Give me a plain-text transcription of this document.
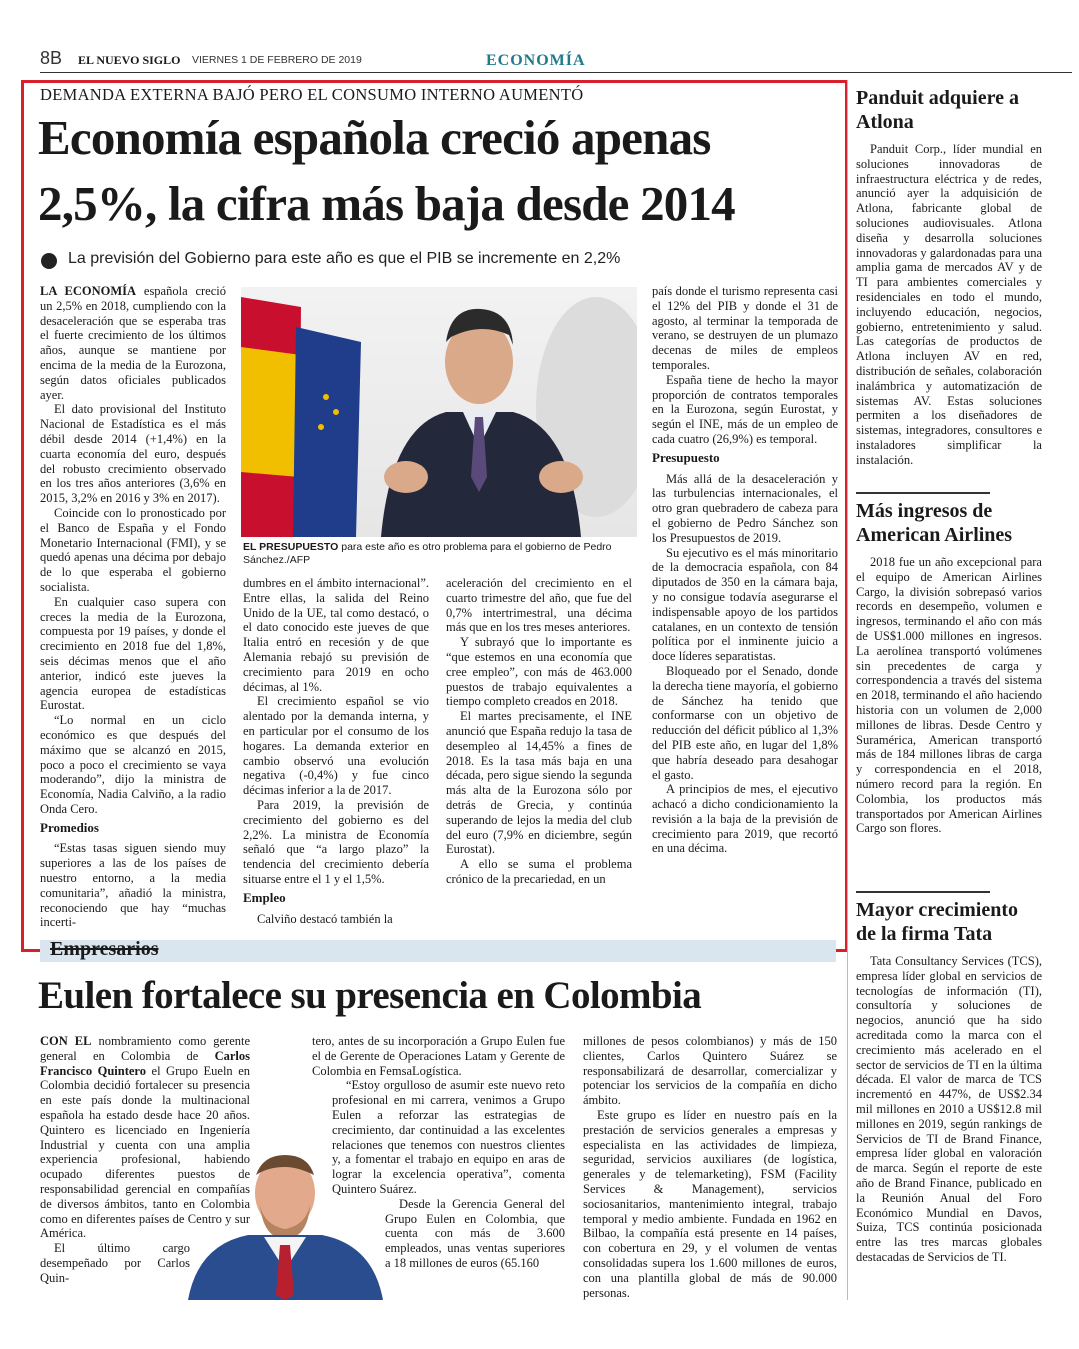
8B EL NUEVO SIGLO VIERNES 1 DE FEBRERO DE 2019	ECONOMÍA
DEMANDA EXTERNA BAJÓ PERO EL CONSUMO INTERNO AUMENTÓ
Economía española creció apenas
2,5%, la cifra más baja desde 2014
La previsión del Gobierno para este año es que el PIB se incremente en 2,2%

LA ECONOMÍA española creció un 2,5% en 2018, cumpliendo con la desaceleración que se esperaba tras el fuerte crecimiento de los últimos años, aunque se mantiene por encima de la media de la Eurozona, según datos oficiales publicados ayer.

El dato provisional del Instituto Nacional de Estadística es el más débil desde 2014 (+1,4%) en la cuarta economía del euro, después del robusto crecimiento observado en los tres años anteriores (3,6% en 2015, 3,2% en 2016 y 3% en 2017).

Coincide con lo pronosticado por el Banco de España y el Fondo Monetario Internacional (FMI), y se quedó apenas una décima por debajo de lo que esperaba el gobierno socialista.

En cualquier caso supera con creces la media de la Eurozona, compuesta por 19 países, y donde el crecimiento en 2018 fue del 1,8%, seis décimas menos que el año anterior, indicó este jueves la agencia europea de estadísticas Eurostat.

“Lo normal en un ciclo económico es que después del máximo que se alcanzó en 2015, poco a poco el crecimiento se vaya moderando”, dijo la ministra de Economía, Nadia Calviño, a la radio Onda Cero.

Promedios

“Estas tasas siguen siendo muy superiores a las de los países de nuestro entorno, a la media comunitaria”, añadió la ministra, reconociendo que hay “muchas incerti-

EL PRESUPUESTO para este año es otro problema para el gobierno de Pedro Sánchez./AFP

dumbres en el ámbito internacional”. Entre ellas, la salida del Reino Unido de la UE, tal como destacó, o el dato conocido este jueves de que Italia entró en recesión y de que Alemania rebajó su previsión de crecimiento para 2019 en ocho décimas, al 1%.

El crecimiento español se vio alentado por la demanda interna, y en particular por el consumo de los hogares. La demanda exterior en cambio observó una evolución negativa (-0,4%) y fue cinco décimas inferior a la de 2017.

Para 2019, la previsión de crecimiento del gobierno es del 2,2%. La ministra de Economía señaló que “a largo plazo” la tendencia del crecimiento debería situarse entre el 1 y el 1,5%.

Empleo

Calviño destacó también la

aceleración del crecimiento en el cuarto trimestre del año, que fue del 0,7% intertrimestral, una décima más que en los tres meses anteriores.

Y subrayó que lo importante es “que estemos en una economía que cree empleo”, con más de 463.000 puestos de trabajo equivalentes a tiempo completo creados en 2018.

El martes precisamente, el INE anunció que España redujo la tasa de desempleo al 14,45% a fines de 2018. Es la tasa más baja en una década, pero sigue siendo la segunda más alta de la Eurozona sólo por detrás de Grecia, y continúa superando de lejos la media del club del euro (7,9% en diciembre, según Eurostat).

A ello se suma el problema crónico de la precariedad, en un

país donde el turismo representa casi el 12% del PIB y donde el 31 de agosto, al terminar la temporada de verano, se destruyen de un plumazo decenas de miles de empleos temporales.

España tiene de hecho la mayor proporción de contratos temporales en la Eurozona, según Eurostat, y según el INE, más de un empleo de cada cuatro (26,9%) es temporal.

Presupuesto

Más allá de la desaceleración y las turbulencias internacionales, el otro gran quebradero de cabeza para el gobierno de Pedro Sánchez son los Presupuestos de 2019.

Su ejecutivo es el más minoritario de la democracia española, con 84 diputados de 350 en la cámara baja, y no consigue todavía asegurarse el indispensable apoyo de los partidos catalanes, en un contexto de tensión política por el inminente juicio a doce líderes separatistas.

Bloqueado por el Senado, donde la derecha tiene mayoría, el gobierno de Sánchez ha tenido que conformarse con un objetivo de reducción del déficit público al 1,3% del PIB este año, en lugar del 1,8% que habría deseado para desahogar el gasto.

A principios de mes, el ejecutivo achacó a dicho condicionamiento la revisión a la baja de la previsión de crecimiento para 2019, que recortó en una décima.

Panduit adquiere a Atlona

Panduit Corp., líder mundial en soluciones innovadoras de infraestructura eléctrica y de redes, anunció ayer la adquisición de Atlona, fabricante global de soluciones audiovisuales. Atlona diseña y desarrolla soluciones innovadoras y galardonadas para una amplia gama de mercados AV y de TI para ambientes comerciales y residenciales en todo el mundo, incluyendo educación, negocios, gobierno, entretenimiento y salud. Las categorías de productos de Atlona incluyen AV en red, distribución de señales, colaboración inalámbrica y automatización de sistemas AV. Estas soluciones permiten a los diseñadores de sistemas, integradores, consultores e instaladores simplificar la instalación.

Más ingresos de American Airlines

2018 fue un año excepcional para el equipo de American Airlines Cargo, la división sobrepasó varios records en desempeño, volumen e ingresos, terminando el año con más de US$1.000 millones en ingresos. La aerolínea transportó volúmenes sin precedentes de carga y correspondencia a través del sistema en 2018, terminando el año haciendo historia con un volumen de 2,000 millones de libras. Desde Centro y Suramérica, American transportó más de 184 millones libras de carga y correspondencia en el 2018, número record para la región. En Colombia, los productos más transportados por American Airlines Cargo son flores.

Mayor crecimiento de la firma Tata

Tata Consultancy Services (TCS), empresa líder global en servicios de tecnologías de información (TI), consultoría y soluciones de negocios, anunció que ha sido acreditada como la marca con el crecimiento más acelerado en el sector de servicios de TI en la última década. El valor de marca de TCS incrementó en 447%, de US$2.34 mil millones en 2010 a US$12.8 mil millones en 2019, según rankings de Servicios de TI de Brand Finance, empresa líder global en valoración de marca. Según el reporte de este año de Brand Finance, publicado en la Reunión Anual del Foro Económico Mundial en Davos, Suiza, TCS continúa posicionada entre las tres marcas globales destacadas de Servicios de TI.

Empresarios
Eulen fortalece su presencia en Colombia

CON EL nombramiento como gerente general en Colombia de Carlos Francisco Quintero el Grupo Eueln en Colombia decidió fortalecer su presencia en este país donde la multinacional española ha estado desde hace 20 años. Quintero es licenciado en Ingeniería Industrial y cuenta con una amplia experiencia profesional, habiendo ocupado diferentes puestos de responsabilidad gerencial en compañías de diversos ámbitos, tanto en Colombia como en diferentes países de Centro y sur América.

El último cargo desempeñado por Carlos Quin-

tero, antes de su incorporación a Grupo Eulen fue el de Gerente de Operaciones Latam y Gerente de Colombia en FemsaLogística.

“Estoy orgulloso de asumir este nuevo reto profesional en mi carrera, venimos a Grupo Eulen a reforzar las estrategias de crecimiento, dar continuidad a las excelentes relaciones que tenemos con nuestros clientes y, a fomentar el trabajo en equipo en aras de lograr la excelencia operativa”, comenta Quintero Suárez.

Desde la Gerencia General del Grupo Eulen en Colombia, que cuenta con más de 3.600 empleados, unas ventas superiores a 18 millones de euros (65.160

millones de pesos colombianos) y más de 150 clientes, Carlos Quintero Suárez se responsabilizará de desarrollar, comercializar y potenciar los servicios de la compañía en dicho ámbito.

Este grupo es líder en nuestro país en la prestación de servicios generales a empresas y especialista en las actividades de limpieza, seguridad, servicios auxiliares (de logística, generales y de telemarketing), FSM (Facility Services & Management), servicios sociosanitarios, mantenimiento integral, trabajo temporal y medio ambiente. Fundada en 1962 en Bilbao, la compañía está presente en 14 países, con cobertura en 29, y el volumen de ventas consolidadas supera los 1.600 millones de euros, con una plantilla global de más de 90.000 personas.
